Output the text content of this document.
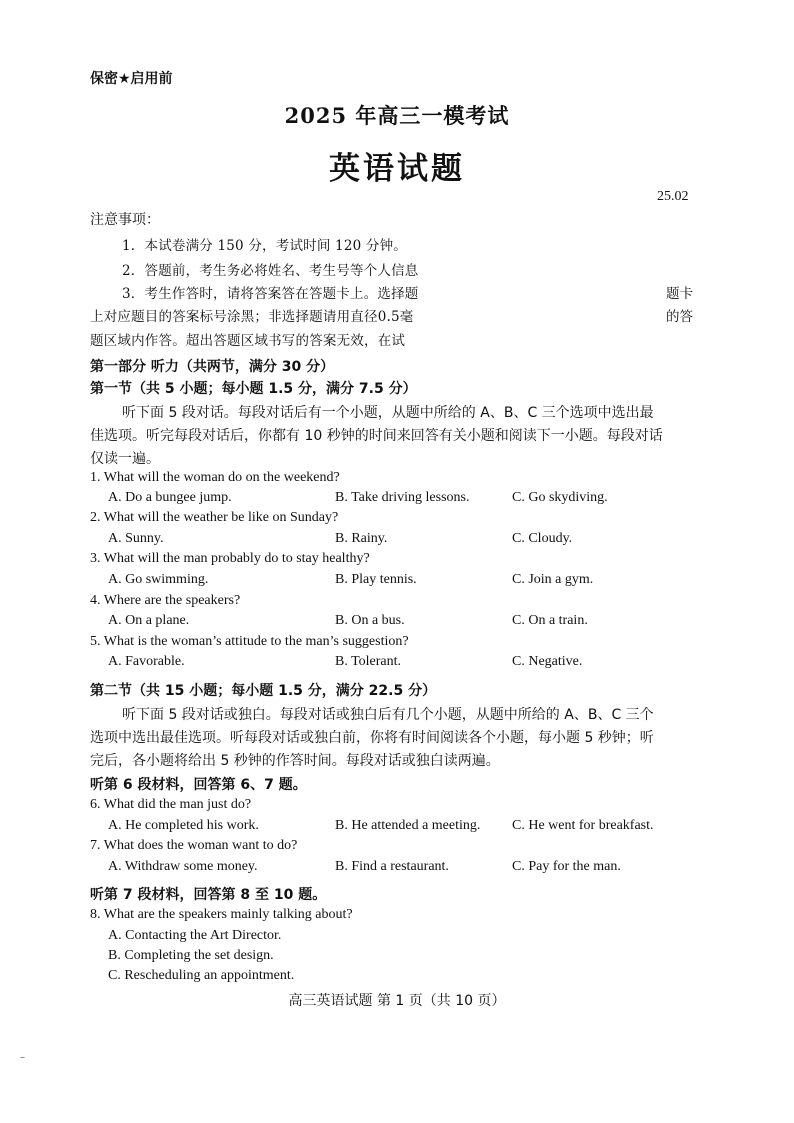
保密★启用前
2025 年高三一模考试
英语试题
25.02
注意事项：
1．本试卷满分 150 分，考试时间 120 分钟。
2．答题前，考生务必将姓名、考生号等个人信息
3．考生作答时，请将答案答在答题卡上。选择题	题卡
上对应题目的答案标号涂黑；非选择题请用直径0.5毫	的答
题区域内作答。超出答题区域书写的答案无效，在试
第一部分 听力（共两节，满分 30 分）
第一节（共 5 小题；每小题 1.5 分，满分 7.5 分）
听下面 5 段对话。每段对话后有一个小题，从题中所给的 A、B、C 三个选项中选出最
佳选项。听完每段对话后，你都有 10 秒钟的时间来回答有关小题和阅读下一小题。每段对话
仅读一遍。
1. What will the woman do on the weekend?
A. Do a bungee jump.	B. Take driving lessons.	C. Go skydiving.
2. What will the weather be like on Sunday?
A. Sunny.	B. Rainy.	C. Cloudy.
3. What will the man probably do to stay healthy?
A. Go swimming.	B. Play tennis.	C. Join a gym.
4. Where are the speakers?
A. On a plane.	B. On a bus.	C. On a train.
5. What is the woman’s attitude to the man’s suggestion?
A. Favorable.	B. Tolerant.	C. Negative.
第二节（共 15 小题；每小题 1.5 分，满分 22.5 分）
听下面 5 段对话或独白。每段对话或独白后有几个小题，从题中所给的 A、B、C 三个
选项中选出最佳选项。听每段对话或独白前，你将有时间阅读各个小题，每小题 5 秒钟；听
完后，各小题将给出 5 秒钟的作答时间。每段对话或独白读两遍。
听第 6 段材料，回答第 6、7 题。
6. What did the man just do?
A. He completed his work.	B. He attended a meeting. C. He went for breakfast.
7. What does the woman want to do?
A. Withdraw some money.	B. Find a restaurant.	C. Pay for the man.
听第 7 段材料，回答第 8 至 10 题。
8. What are the speakers mainly talking about?
A. Contacting the Art Director.
B. Completing the set design.
C. Rescheduling an appointment.
高三英语试题 第 1 页（共 10 页）
–
